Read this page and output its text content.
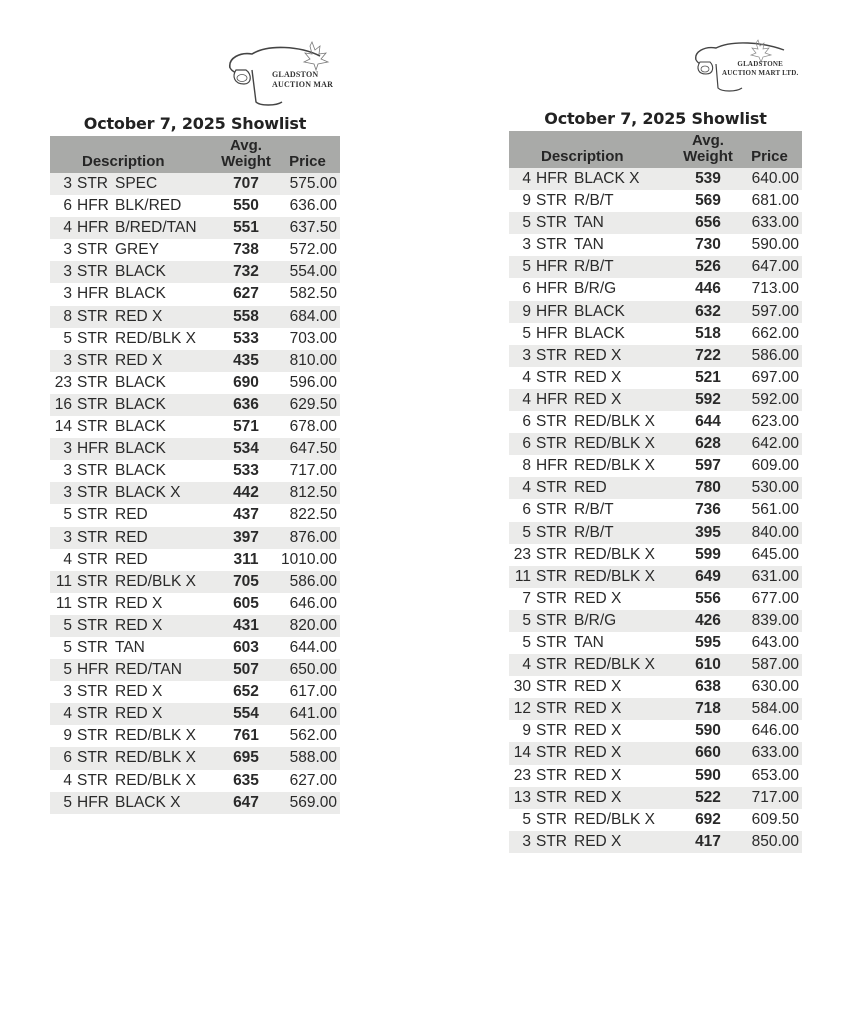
GLADSTON
AUCTION MAR
October 7, 2025 Showlist
Description			Avg.
Weight	Price
3	STR	SPEC	707	575.00
6	HFR	BLK/RED	550	636.00
4	HFR	B/RED/TAN	551	637.50
3	STR	GREY	738	572.00
3	STR	BLACK	732	554.00
3	HFR	BLACK	627	582.50
8	STR	RED X	558	684.00
5	STR	RED/BLK X	533	703.00
3	STR	RED X	435	810.00
23	STR	BLACK	690	596.00
16	STR	BLACK	636	629.50
14	STR	BLACK	571	678.00
3	HFR	BLACK	534	647.50
3	STR	BLACK	533	717.00
3	STR	BLACK X	442	812.50
5	STR	RED	437	822.50
3	STR	RED	397	876.00
4	STR	RED	311	1010.00
11	STR	RED/BLK X	705	586.00
11	STR	RED X	605	646.00
5	STR	RED X	431	820.00
5	STR	TAN	603	644.00
5	HFR	RED/TAN	507	650.00
3	STR	RED X	652	617.00
4	STR	RED X	554	641.00
9	STR	RED/BLK X	761	562.00
6	STR	RED/BLK X	695	588.00
4	STR	RED/BLK X	635	627.00
5	HFR	BLACK X	647	569.00
GLADSTONE
AUCTION MART LTD.
October 7, 2025 Showlist
Description			Avg.
Weight	Price
4	HFR	BLACK X	539	640.00
9	STR	R/B/T	569	681.00
5	STR	TAN	656	633.00
3	STR	TAN	730	590.00
5	HFR	R/B/T	526	647.00
6	HFR	B/R/G	446	713.00
9	HFR	BLACK	632	597.00
5	HFR	BLACK	518	662.00
3	STR	RED X	722	586.00
4	STR	RED X	521	697.00
4	HFR	RED X	592	592.00
6	STR	RED/BLK X	644	623.00
6	STR	RED/BLK X	628	642.00
8	HFR	RED/BLK X	597	609.00
4	STR	RED	780	530.00
6	STR	R/B/T	736	561.00
5	STR	R/B/T	395	840.00
23	STR	RED/BLK X	599	645.00
11	STR	RED/BLK X	649	631.00
7	STR	RED X	556	677.00
5	STR	B/R/G	426	839.00
5	STR	TAN	595	643.00
4	STR	RED/BLK X	610	587.00
30	STR	RED X	638	630.00
12	STR	RED X	718	584.00
9	STR	RED X	590	646.00
14	STR	RED X	660	633.00
23	STR	RED X	590	653.00
13	STR	RED X	522	717.00
5	STR	RED/BLK X	692	609.50
3	STR	RED X	417	850.00
